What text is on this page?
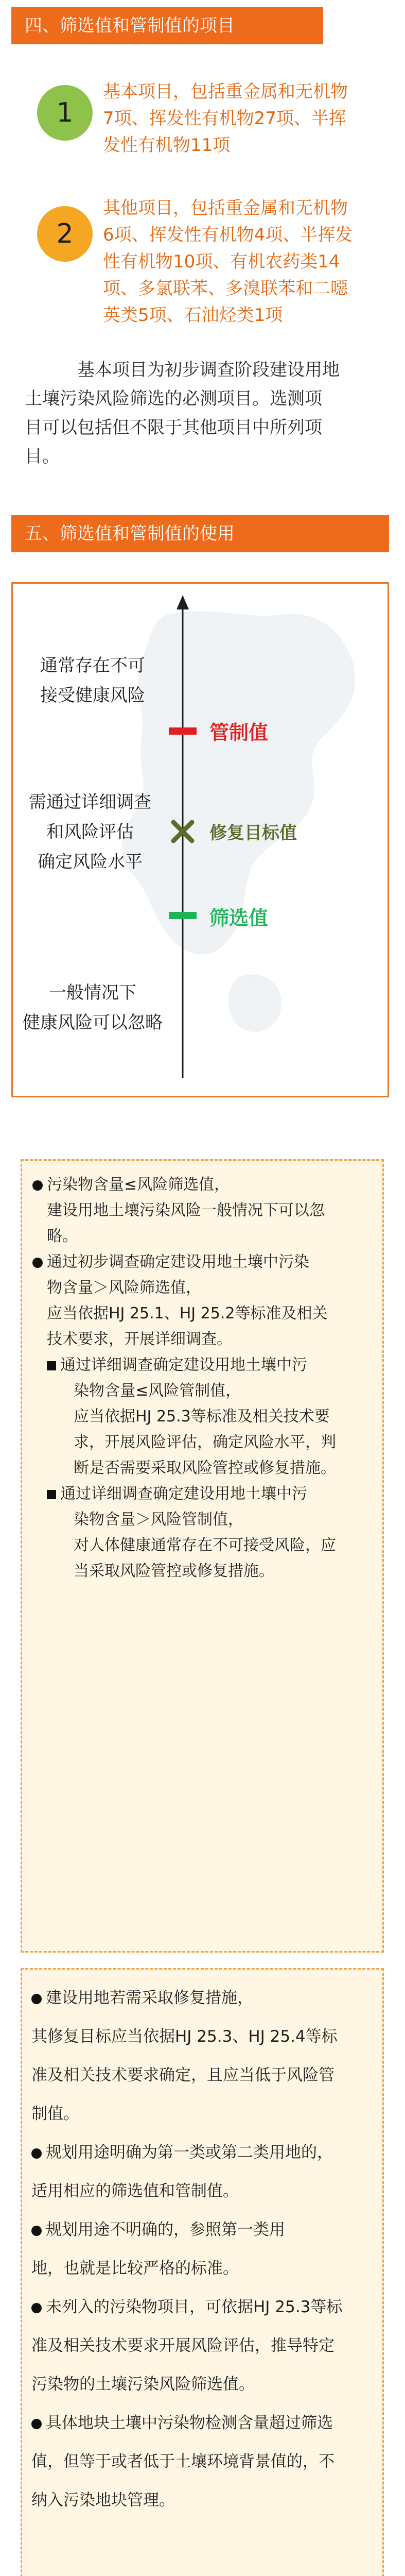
四、筛选值和管制值的项目
1
基本项目，包括重金属和无机物
7项、挥发性有机物27项、半挥
发性有机物11项
2
其他项目，包括重金属和无机物
6项、挥发性有机物4项、半挥发
性有机物10项、有机农药类14
项、多氯联苯、多溴联苯和二噁
英类5项、石油烃类1项
基本项目为初步调查阶段建设用地
土壤污染风险筛选的必测项目。选测项
目可以包括但不限于其他项目中所列项
目。
五、筛选值和管制值的使用
通常存在不可
接受健康风险
需通过详细调查
和风险评估
确定风险水平
一般情况下
健康风险可以忽略
管制值
修复目标值
筛选值
污染物含量≤风险筛选值，
建设用地土壤污染风险一般情况下可以忽
略。
通过初步调查确定建设用地土壤中污染
物含量＞风险筛选值，
应当依据HJ 25.1、HJ 25.2等标准及相关
技术要求，开展详细调查。
通过详细调查确定建设用地土壤中污
染物含量≤风险管制值，
应当依据HJ 25.3等标准及相关技术要
求，开展风险评估，确定风险水平，判
断是否需要采取风险管控或修复措施。
通过详细调查确定建设用地土壤中污
染物含量＞风险管制值，
对人体健康通常存在不可接受风险，应
当采取风险管控或修复措施。
建设用地若需采取修复措施，
其修复目标应当依据HJ 25.3、HJ 25.4等标
准及相关技术要求确定，且应当低于风险管
制值。
规划用途明确为第一类或第二类用地的，
适用相应的筛选值和管制值。
规划用途不明确的，参照第一类用
地，也就是比较严格的标准。
未列入的污染物项目，可依据HJ 25.3等标
准及相关技术要求开展风险评估，推导特定
污染物的土壤污染风险筛选值。
具体地块土壤中污染物检测含量超过筛选
值，但等于或者低于土壤环境背景值的，不
纳入污染地块管理。
